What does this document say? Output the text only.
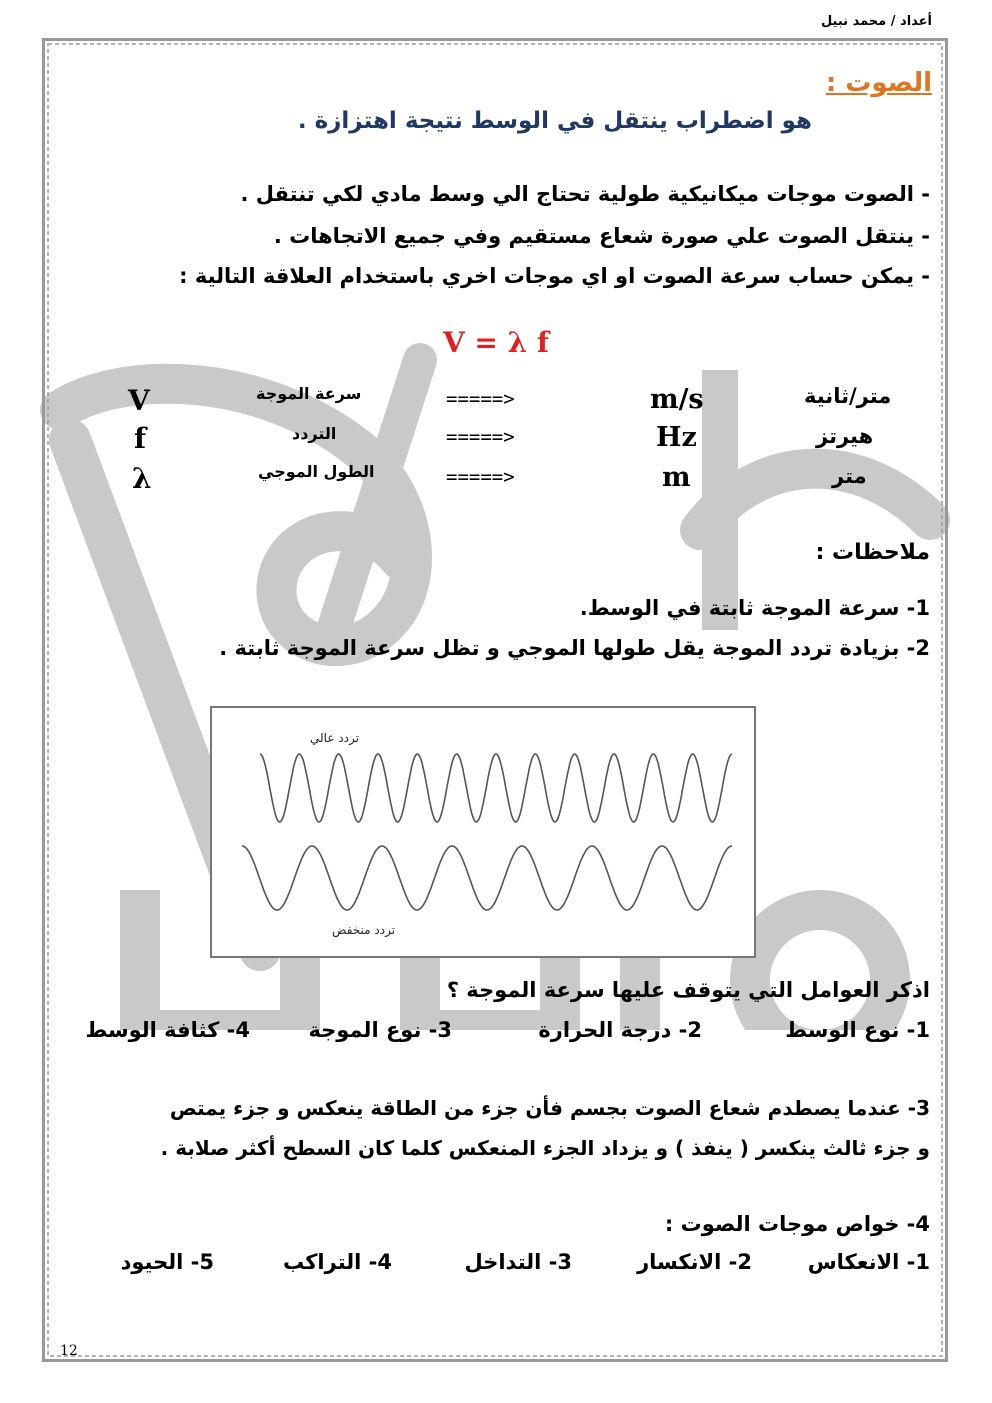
أعداد / محمد نبيل
الصوت :
هو اضطراب ينتقل في الوسط نتيجة اهتزازة .
- الصوت موجات ميكانيكية طولية تحتاج الي وسط مادي لكي تنتقل .
- ينتقل الصوت علي صورة شعاع مستقيم وفي جميع الاتجاهات .
- يمكن حساب سرعة الصوت او اي موجات اخري باستخدام العلاقة التالية :
V = λ f
V	سرعة الموجة	=====>	m/s	متر/ثانية
f	التردد	=====>	Hz	هيرتز
λ	الطول الموجي	=====>	m	متر
ملاحظات :
1- سرعة الموجة ثابتة في الوسط.
2- بزيادة تردد الموجة يقل طولها الموجي و تظل سرعة الموجة ثابتة .
تردد عالي
تردد منخفض
اذكر العوامل التي يتوقف عليها سرعة الموجة ؟
1- نوع الوسط
2- درجة الحرارة
3- نوع الموجة
4- كثافة الوسط
3- عندما يصطدم شعاع الصوت بجسم فأن جزء من الطاقة ينعكس و جزء يمتص
و جزء ثالث ينكسر ( ينفذ ) و يزداد الجزء المنعكس كلما كان السطح أكثر صلابة .
4- خواص موجات الصوت :
1- الانعكاس
2- الانكسار
3- التداخل
4- التراكب
5- الحيود
12
